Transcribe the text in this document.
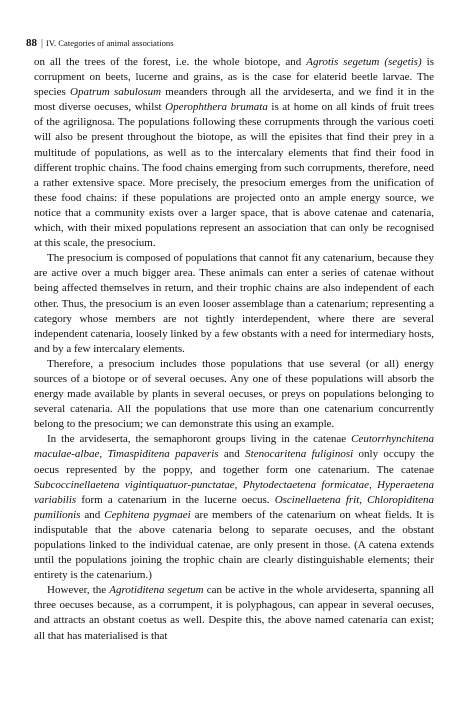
88 | IV. Categories of animal associations

on all the trees of the forest, i.e. the whole biotope, and Agrotis segetum (segetis) is corrupment on beets, lucerne and grains, as is the case for elaterid beetle larvae. The species Opatrum sabulosum meanders through all the arvideserta, and we find it in the most diverse oecuses, whilst Operophthera brumata is at home on all kinds of fruit trees of the agrilignosa. The populations following these corrupments through the various coeti will also be present throughout the biotope, as will the episites that find their prey in a multitude of populations, as well as to the intercalary elements that find their food in different trophic chains. The food chains emerging from such corrupments, therefore, need a rather extensive space. More precisely, the presocium emerges from the unification of these food chains: if these populations are projected onto an ample energy source, we notice that a community exists over a larger space, that is above catenae and catenaria, which, with their mixed populations represent an association that can only be recognised at this scale, the presocium.

The presocium is composed of populations that cannot fit any catenarium, because they are active over a much bigger area. These animals can enter a series of catenae without being affected themselves in return, and their trophic chains are also independent of each other. Thus, the presocium is an even looser assemblage than a catenarium; representing a category whose members are not tightly interdependent, where there are several independent catenaria, loosely linked by a few obstants with a need for intermediary hosts, and by a few intercalary elements.

Therefore, a presocium includes those populations that use several (or all) energy sources of a biotope or of several oecuses. Any one of these populations will absorb the energy made available by plants in several oecuses, or preys on populations belonging to several catenaria. All the populations that use more than one catenarium concurrently belong to the presocium; we can demonstrate this using an example.

In the arvideserta, the semaphoront groups living in the catenae Ceutorrhynchitena maculae-albae, Timaspiditena papaveris and Stenocaritena fuliginosi only occupy the oecus represented by the poppy, and together form one catenarium. The catenae Subcoccinellaetena vigintiquatuor-punctatae, Phytodectaetena formicatae, Hyperaetena variabilis form a catenarium in the lucerne oecus. Oscinellaetena frit, Chloropiditena pumilionis and Cephitena pygmaei are members of the catenarium on wheat fields. It is indisputable that the above catenaria belong to separate oecuses, and the obstant populations linked to the individual catenae, are only present in those. (A catena extends until the populations joining the trophic chain are clearly distinguishable elements; their entirety is the catenarium.)

However, the Agrotiditena segetum can be active in the whole arvideserta, spanning all three oecuses because, as a corrumpent, it is polyphagous, can appear in several oecuses, and attracts an obstant coetus as well. Despite this, the above named catenaria can exist; all that has materialised is that
